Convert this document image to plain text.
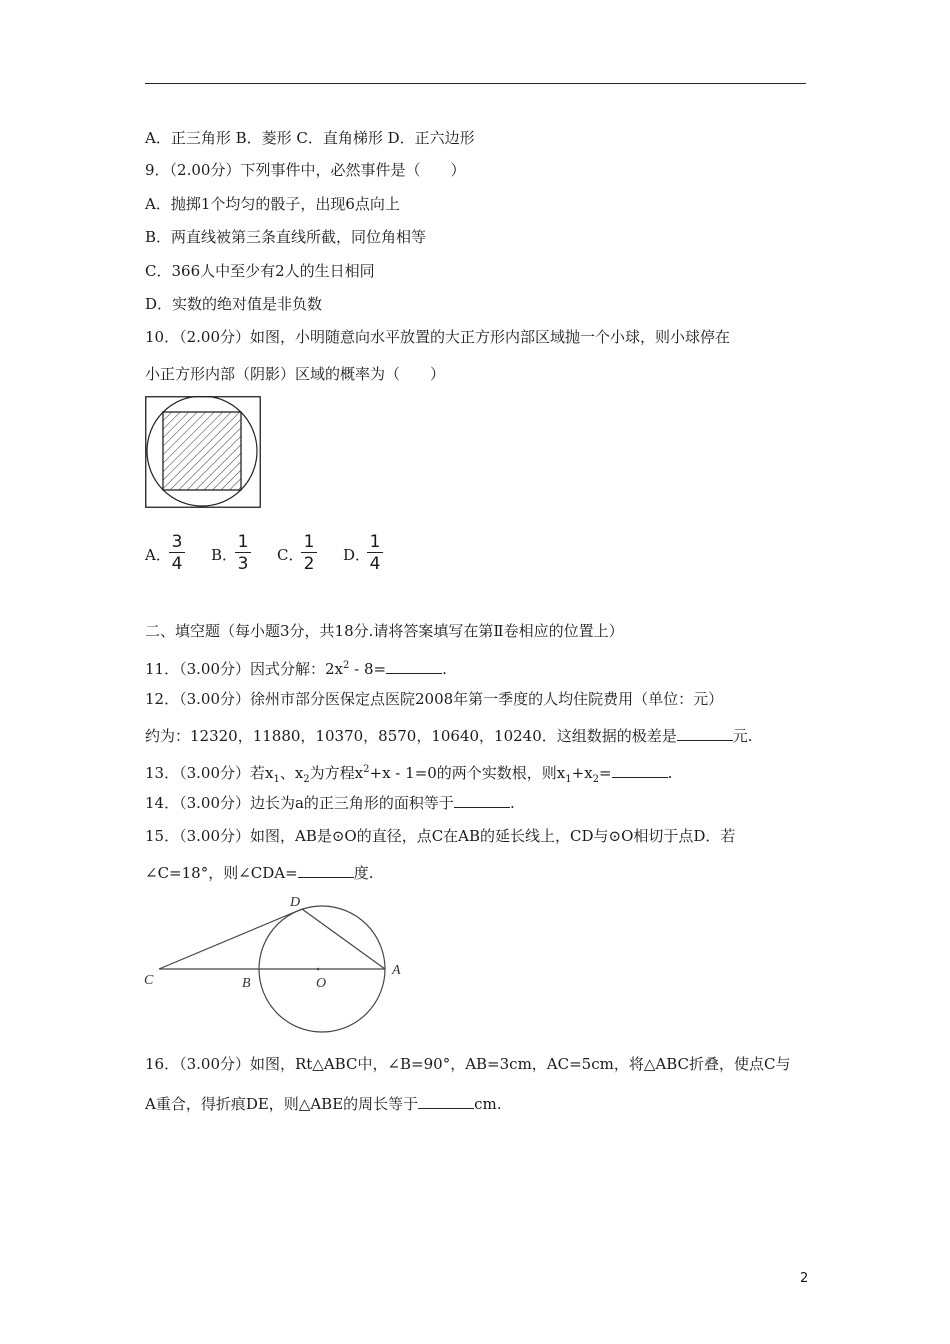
A．正三角形 B．菱形 C．直角梯形 D．正六边形
9．（2.00分）下列事件中，必然事件是（　　）
A．抛掷1个均匀的骰子，出现6点向上
B．两直线被第三条直线所截，同位角相等
C．366人中至少有2人的生日相同
D．实数的绝对值是非负数
10．（2.00分）如图，小明随意向水平放置的大正方形内部区域抛一个小球，则小球停在
小正方形内部（阴影）区域的概率为（　　）
A．
3
4 B．
1
3 C．
1
2 D．
1
4
二、填空题（每小题3分，共18分.请将答案填写在第Ⅱ卷相应的位置上）
11．（3.00分）因式分解：$2x^2 - 8=$	.
12．（3.00分）徐州市部分医保定点医院2008年第一季度的人均住院费用（单位：元）
约为：12320，11880，10370，8570，10640，10240．这组数据的极差是	元.
13．（3.00分）若$x_1$、$x_2$为方程$x^2+x - 1=0$的两个实数根，则$x_1+x_2=$	.
14．（3.00分）边长为a的正三角形的面积等于	.
15．（3.00分）如图，AB是⊙O的直径，点C在AB的延长线上，CD与⊙O相切于点D．若
∠C=18°，则∠CDA=	度.
C	B	O
A
D
16．（3.00分）如图，Rt△ABC中，∠B=90°，AB=3cm，AC=5cm，将△ABC折叠，使点C与
A重合，得折痕DE，则△ABE的周长等于	cm.
2
